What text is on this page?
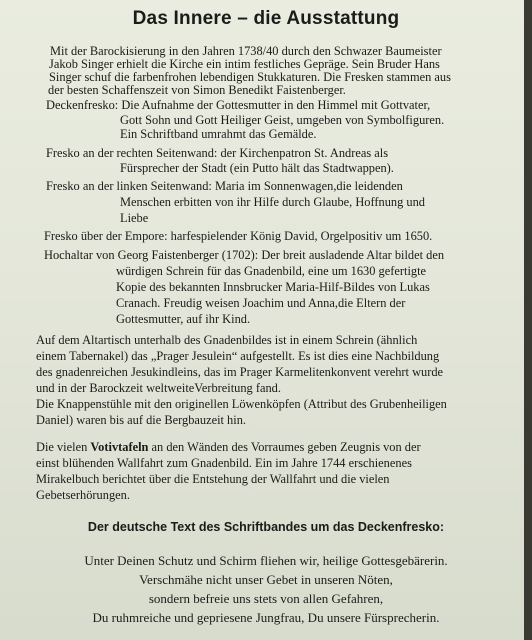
Das Innere – die Ausstattung
Mit der Barockisierung in den Jahren 1738/40 durch den Schwazer Baumeister
Jakob Singer erhielt die Kirche ein intim festliches Gepräge. Sein Bruder Hans
Singer schuf die farbenfrohen lebendigen Stukkaturen. Die Fresken stammen aus
der besten Schaffenszeit von Simon Benedikt Faistenberger.
Deckenfresko: Die Aufnahme der Gottesmutter in den Himmel mit Gottvater,
Gott Sohn und Gott Heiliger Geist, umgeben von Symbolfiguren.
Ein Schriftband umrahmt das Gemälde.
Fresko an der rechten Seitenwand: der Kirchenpatron St. Andreas als
Fürsprecher der Stadt (ein Putto hält das Stadtwappen).
Fresko an der linken Seitenwand: Maria im Sonnenwagen,die leidenden
Menschen erbitten von ihr Hilfe durch Glaube, Hoffnung und
Liebe
Fresko über der Empore: harfespielender König David, Orgelpositiv um 1650.
Hochaltar von Georg Faistenberger (1702): Der breit ausladende Altar bildet den
würdigen Schrein für das Gnadenbild, eine um 1630 gefertigte
Kopie des bekannten Innsbrucker Maria-Hilf-Bildes von Lukas
Cranach. Freudig weisen Joachim und Anna,die Eltern der
Gottesmutter, auf ihr Kind.
Auf dem Altartisch unterhalb des Gnadenbildes ist in einem Schrein (ähnlich
einem Tabernakel) das „Prager Jesulein“ aufgestellt. Es ist dies eine Nachbildung
des gnadenreichen Jesukindleins, das im Prager Karmelitenkonvent verehrt wurde
und in der Barockzeit weltweiteVerbreitung fand.
Die Knappenstühle mit den originellen Löwenköpfen (Attribut des Grubenheiligen
Daniel) waren bis auf die Bergbauzeit hin.
Die vielen Votivtafeln an den Wänden des Vorraumes geben Zeugnis von der
einst blühenden Wallfahrt zum Gnadenbild. Ein im Jahre 1744 erschienenes
Mirakelbuch berichtet über die Entstehung der Wallfahrt und die vielen
Gebetserhörungen.
Der deutsche Text des Schriftbandes um das Deckenfresko:
Unter Deinen Schutz und Schirm fliehen wir, heilige Gottesgebärerin.
Verschmähe nicht unser Gebet in unseren Nöten,
sondern befreie uns stets von allen Gefahren,
Du ruhmreiche und gepriesene Jungfrau, Du unsere Fürsprecherin.
